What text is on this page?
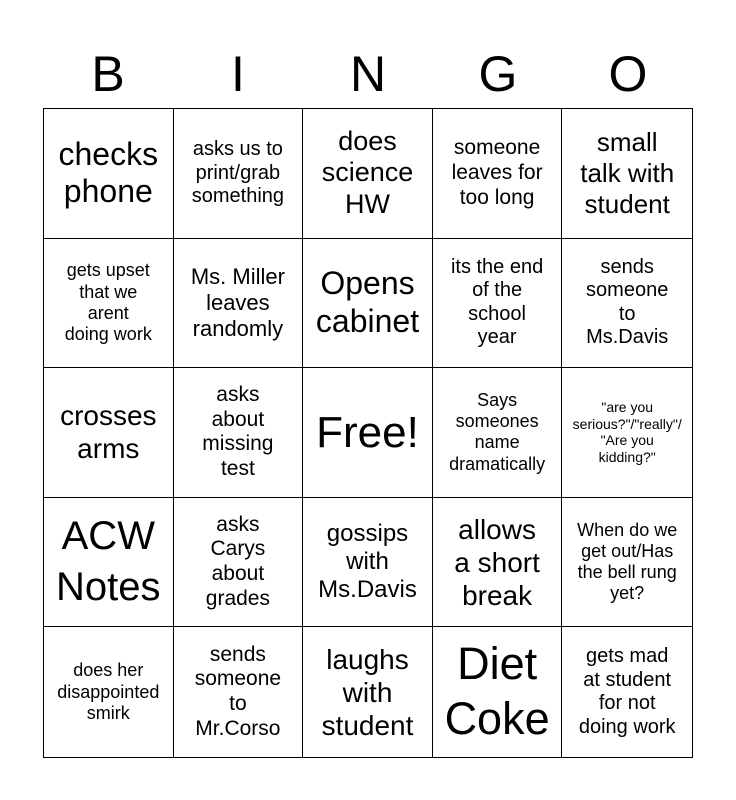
B	I	N	G	O
checks
phone
asks us to
print/grab
something
does
science
HW
someone
leaves for
too long
small
talk with
student
gets upset
that we
arent
doing work
Ms. Miller
leaves
randomly
Opens
cabinet
its the end
of the
school
year
sends
someone
to
Ms.Davis
crosses
arms
asks
about
missing
test
Free!
Says
someones
name
dramatically
"are you
serious?"/"really"/
"Are you
kidding?"
ACW
Notes
asks
Carys
about
grades
gossips
with
Ms.Davis
allows
a short
break
When do we
get out/Has
the bell rung
yet?
does her
disappointed
smirk
sends
someone
to
Mr.Corso
laughs
with
student
Diet
Coke
gets mad
at student
for not
doing work
